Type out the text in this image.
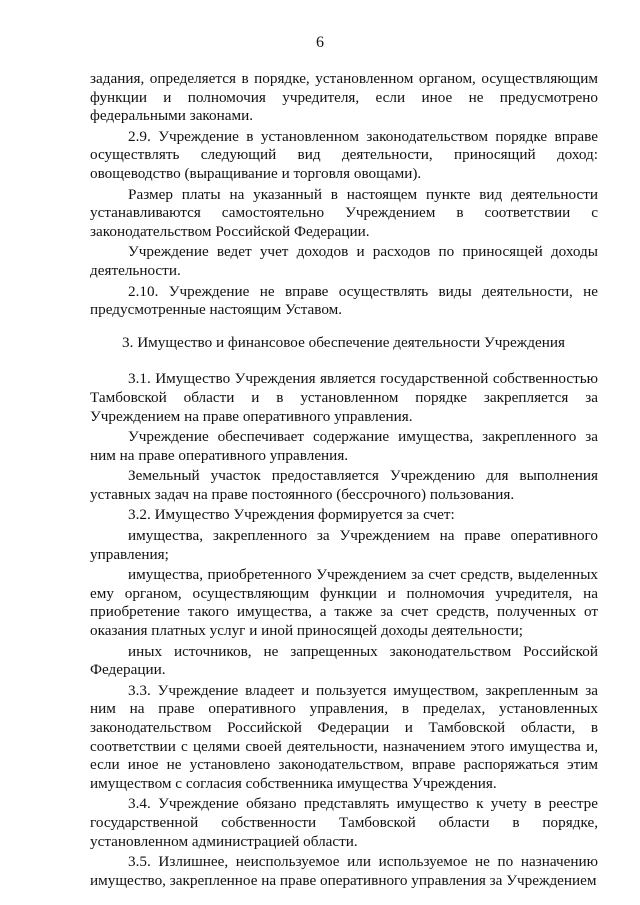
6

задания, определяется в порядке, установленном органом, осуществляющим функции и полномочия учредителя, если иное не предусмотрено федеральными законами.

2.9. Учреждение в установленном законодательством порядке вправе осуществлять следующий вид деятельности, приносящий доход: овощеводство (выращивание и торговля овощами).

Размер платы на указанный в настоящем пункте вид деятельности устанавливаются самостоятельно Учреждением в соответствии с законодательством Российской Федерации.

Учреждение ведет учет доходов и расходов по приносящей доходы деятельности.

2.10. Учреждение не вправе осуществлять виды деятельности, не предусмотренные настоящим Уставом.

3. Имущество и финансовое обеспечение деятельности Учреждения

3.1. Имущество Учреждения является государственной собственностью Тамбовской области и в установленном порядке закрепляется за Учреждением на праве оперативного управления.

Учреждение обеспечивает содержание имущества, закрепленного за ним на праве оперативного управления.

Земельный участок предоставляется Учреждению для выполнения уставных задач на праве постоянного (бессрочного) пользования.

3.2. Имущество Учреждения формируется за счет:

имущества, закрепленного за Учреждением на праве оперативного управления;

имущества, приобретенного Учреждением за счет средств, выделенных ему органом, осуществляющим функции и полномочия учредителя, на приобретение такого имущества, а также за счет средств, полученных от оказания платных услуг и иной приносящей доходы деятельности;

иных источников, не запрещенных законодательством Российской Федерации.

3.3. Учреждение владеет и пользуется имуществом, закрепленным за ним на праве оперативного управления, в пределах, установленных законодательством Российской Федерации и Тамбовской области, в соответствии с целями своей деятельности, назначением этого имущества и, если иное не установлено законодательством, вправе распоряжаться этим имуществом с согласия собственника имущества Учреждения.

3.4. Учреждение обязано представлять имущество к учету в реестре государственной собственности Тамбовской области в порядке, установленном администрацией области.

3.5. Излишнее, неиспользуемое или используемое не по назначению имущество, закрепленное на праве оперативного управления за Учреждением
